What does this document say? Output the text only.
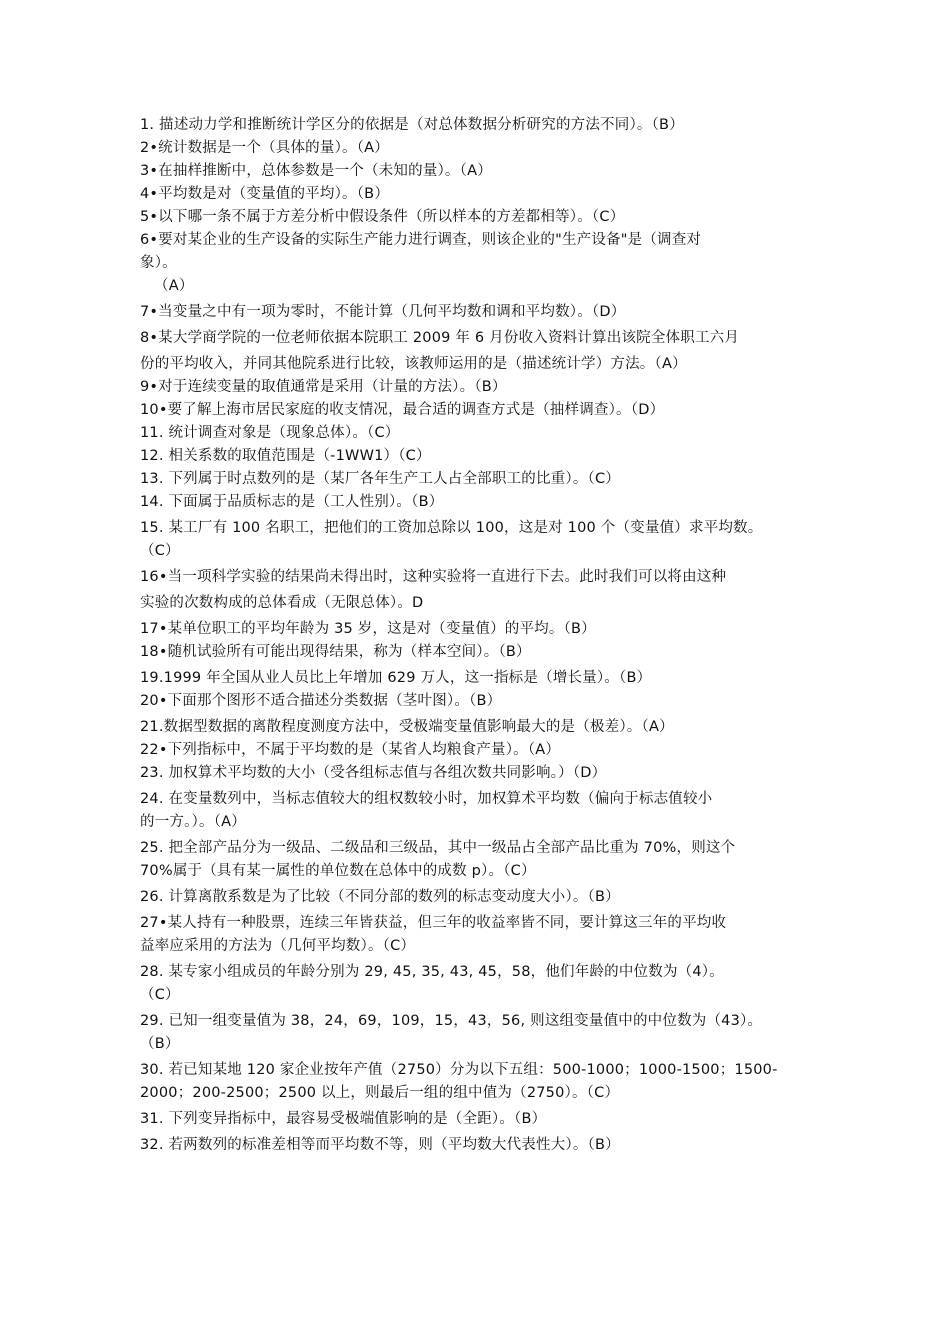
1. 描述动力学和推断统计学区分的依据是（对总体数据分析研究的方法不同）。（B）
2•统计数据是一个（具体的量）。（A）
3•在抽样推断中，总体参数是一个（未知的量）。（A）
4•平均数是对（变量值的平均）。（B）
5•以下哪一条不属于方差分析中假设条件（所以样本的方差都相等）。（C）
6•要对某企业的生产设备的实际生产能力进行调查，则该企业的"生产设备"是（调查对
象）。
（A）
7•当变量之中有一项为零时，不能计算（几何平均数和调和平均数）。（D）
8•某大学商学院的一位老师依据本院职工 2009 年 6 月份收入资料计算出该院全体职工六月
份的平均收入，并同其他院系进行比较，该教师运用的是（描述统计学）方法。（A）
9•对于连续变量的取值通常是采用（计量的方法）。（B）
10•要了解上海市居民家庭的收支情况，最合适的调查方式是（抽样调查）。（D）
11. 统计调查对象是（现象总体）。（C）
12. 相关系数的取值范围是（-1WW1）（C）
13. 下列属于时点数列的是（某厂各年生产工人占全部职工的比重）。（C）
14. 下面属于品质标志的是（工人性别）。（B）
15. 某工厂有 100 名职工，把他们的工资加总除以 100，这是对 100 个（变量值）求平均数。
（C）
16•当一项科学实验的结果尚未得出时，这种实验将一直进行下去。此时我们可以将由这种
实验的次数构成的总体看成（无限总体）。D
17•某单位职工的平均年龄为 35 岁，这是对（变量值）的平均。（B）
18•随机试验所有可能出现得结果，称为（样本空间）。（B）
19.1999 年全国从业人员比上年增加 629 万人，这一指标是（增长量）。（B）
20•下面那个图形不适合描述分类数据（茎叶图）。（B）
21.数据型数据的离散程度测度方法中，受极端变量值影响最大的是（极差）。（A）
22•下列指标中，不属于平均数的是（某省人均粮食产量）。（A）
23. 加权算术平均数的大小（受各组标志值与各组次数共同影响。）（D）
24. 在变量数列中，当标志值较大的组权数较小时，加权算术平均数（偏向于标志值较小
的一方。）。（A）
25. 把全部产品分为一级品、二级品和三级品，其中一级品占全部产品比重为 70%，则这个
70%属于（具有某一属性的单位数在总体中的成数 p）。（C）
26. 计算离散系数是为了比较（不同分部的数列的标志变动度大小）。（B）
27•某人持有一种股票，连续三年皆获益，但三年的收益率皆不同，要计算这三年的平均收
益率应采用的方法为（几何平均数）。（C）
28. 某专家小组成员的年龄分别为 29, 45, 35, 43, 45，58，他们年龄的中位数为（4）。
（C）
29. 已知一组变量值为 38，24，69，109，15，43，56, 则这组变量值中的中位数为（43）。
（B）
30. 若已知某地 120 家企业按年产值（2750）分为以下五组：500-1000；1000-1500；1500-
2000；200-2500；2500 以上，则最后一组的组中值为（2750）。（C）
31. 下列变异指标中，最容易受极端值影响的是（全距）。（B）
32. 若两数列的标准差相等而平均数不等，则（平均数大代表性大）。（B）
